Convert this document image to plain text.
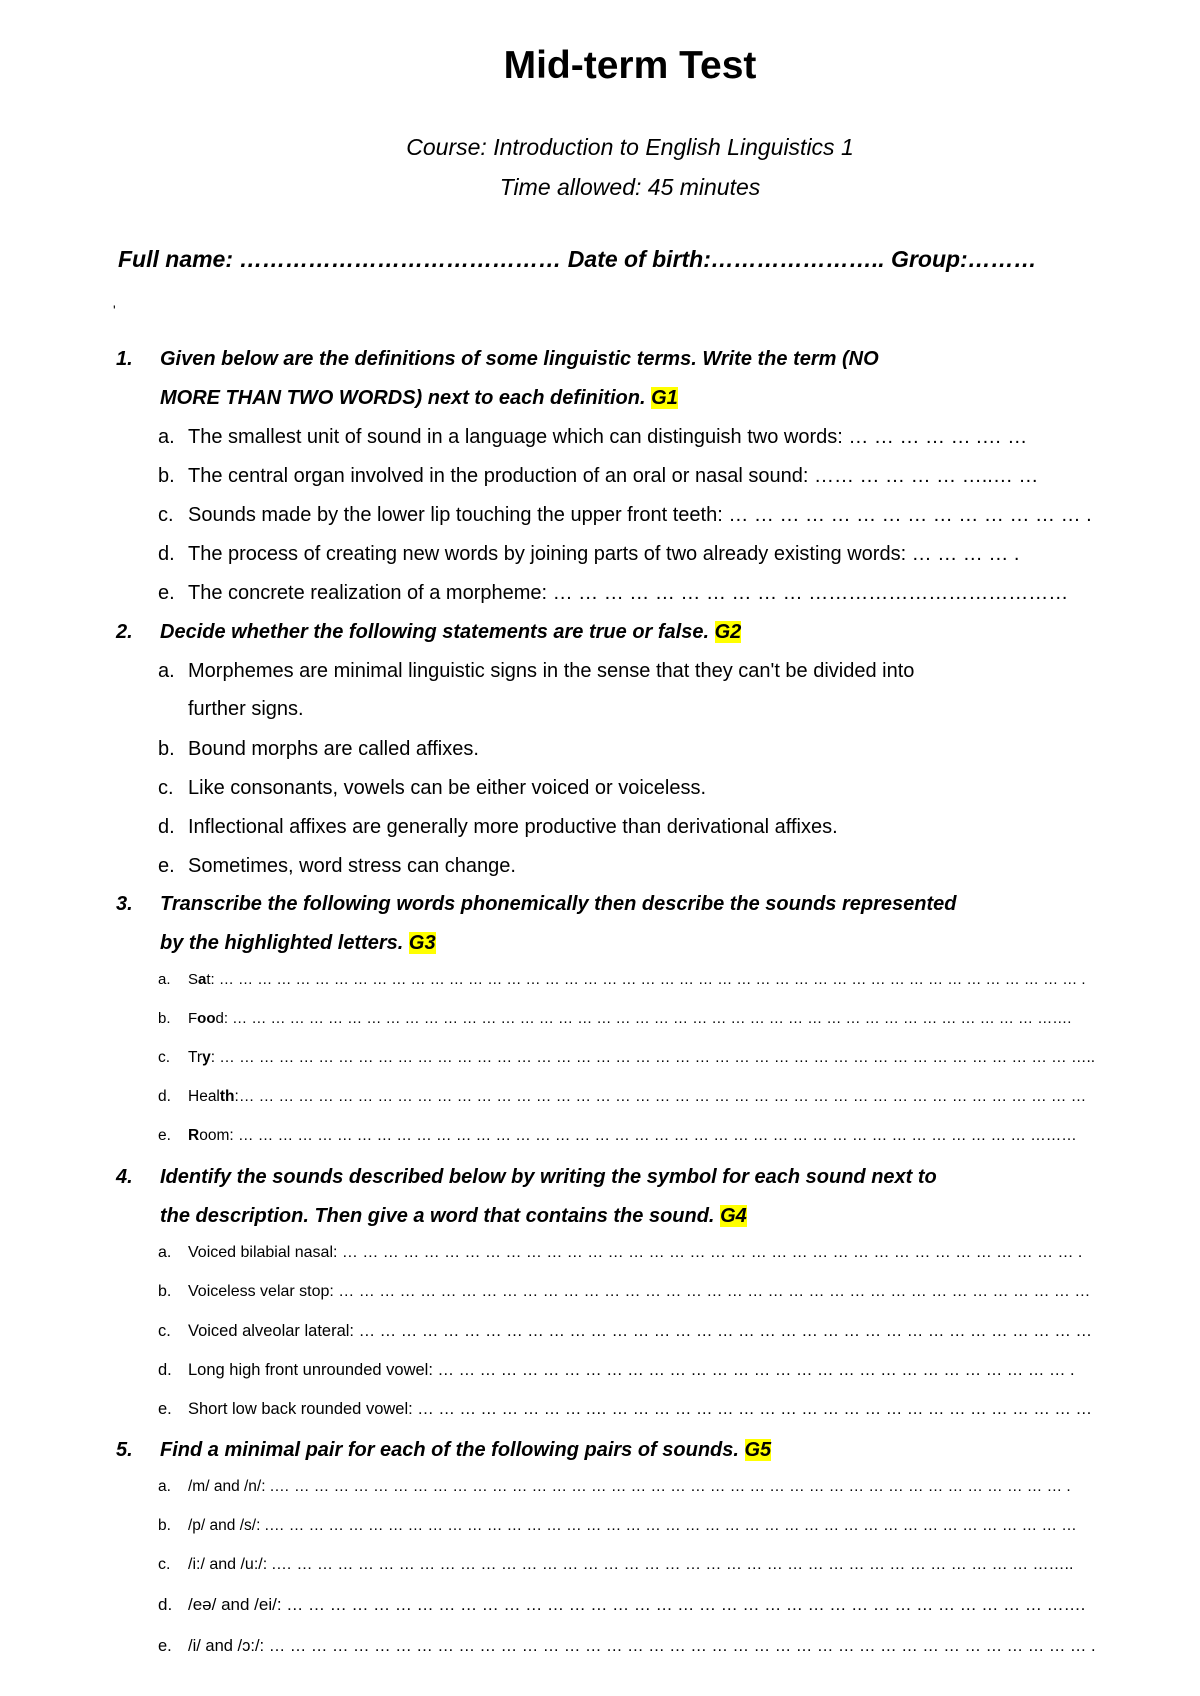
Mid-term Test
Course: Introduction to English Linguistics 1
Time allowed: 45 minutes
Full name: …………………………………… Date of birth:………………….. Group:………
'
1.	Given below are the definitions of some linguistic terms. Write the term (NO
MORE THAN TWO WORDS) next to each definition. G1
a. The smallest unit of sound in a language which can distinguish two words: … … … … … .… …
b. The central organ involved in the production of an oral or nasal sound: …… … … … … …..… …
c. Sounds made by the lower lip touching the upper front teeth: … … … … … … … … … … … … … … .
d. The process of creating new words by joining parts of two already existing words: … … … … .
e. The concrete realization of a morpheme: … … … … … … … … … … …………………………………
2.	Decide whether the following statements are true or false. G2
a. Morphemes are minimal linguistic signs in the sense that they can't be divided into
further signs.
b. Bound morphs are called affixes.
c. Like consonants, vowels can be either voiced or voiceless.
d. Inflectional affixes are generally more productive than derivational affixes.
e. Sometimes, word stress can change.
3.	Transcribe the following words phonemically then describe the sounds represented
by the highlighted letters. G3
a. Sat: … … … … … … … … … … … … … … … … … … … … … … … … … … … … … … … … … … … … … … … … … … … … … .
b. Food: … … … … … … … … … … … … … … … … … … … … … … … … … … … … … … … … … … … … … … … … … … …….
c. Try: … … … … … … … … … … … … … … … … … … … … … … … … … … … … … … … … … … … … … … … … … … … …..
d. Health:… … … … … … … … … … … … … … … … … … … … … … … … … … … … … … … … … … … … … … … … … … …
e. Room: … … … … … … … … … … … … … … … … … … … … … … … … … … … … … … … … … … … … … … … … ………
4.	Identify the sounds described below by writing the symbol for each sound next to
the description. Then give a word that contains the sound. G4
a. Voiced bilabial nasal: … … … … … … … … … … … … … … … … … … … … … … … … … … … … … … … … … … … … .
b. Voiceless velar stop: … … … … … … … … … … … … … … … … … … … … … … … … … … … … … … … … … … … … …
c. Voiced alveolar lateral: … … … … … … … … … … … … … … … … … … … … … … … … … … … … … … … … … … …
d. Long high front unrounded vowel: … … … … … … … … … … … … … … … … … … … … … … … … … … … … … … .
e. Short low back rounded vowel: … … … … … … … … .… … … … … … … … … … … … … … … … … … … … … … … …
5.	Find a minimal pair for each of the following pairs of sounds. G5
a. /m/ and /n/: .… … … … … … … … … … … … … … … … … … … … … … … … … … … … … … … … … … … … … … … … .
b. /p/ and /s/: .… … … … … … … … … … … … … … … … … … … … … … … … … … … … … … … … … … … … … … … … …
c. /i:/ and /u:/: .… … … … … … … … … … … … … … … … … … … … … … … … … … … … … … … … … … … … … ……..
d. /eə/ and /ei/: … … … … … … … … … … … … … … … … … … … … … … … … … … … … … … … … … … … …….
e. /i/ and /ɔ:/: … … … … … … … … … … … … … … … … … … … … … … … … … … … … … … … … … … … … … … … .
